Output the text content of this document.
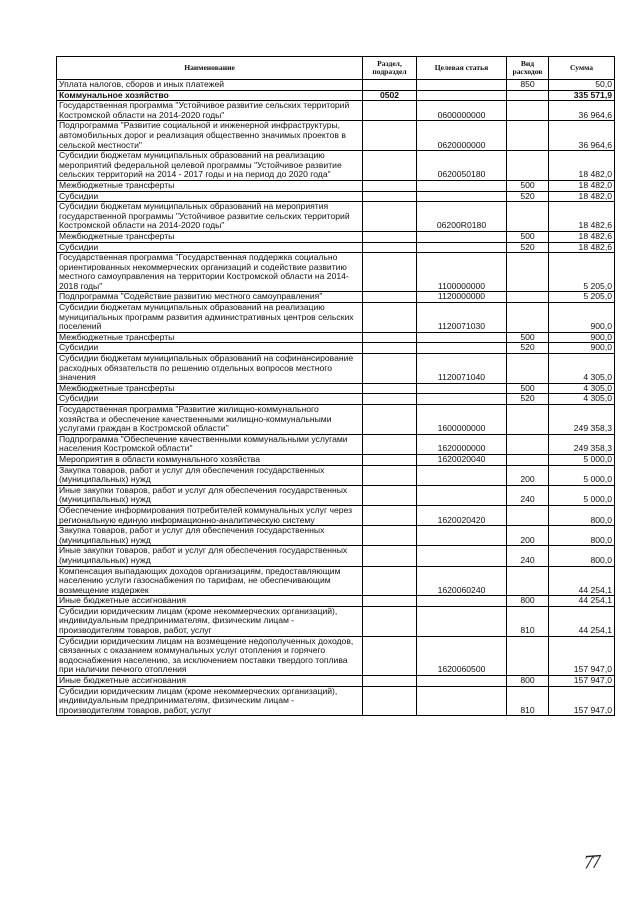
Наименование	Раздел, подраздел	Целевая статья	Вид расходов	Сумма
Уплата налогов, сборов и иных платежей			850	50,0
Коммунальное хозяйство	0502			335 571,9
Государственная программа "Устойчивое развитие сельских территорий Костромской области на 2014-2020 годы"		0600000000		36 964,6
Подпрограмма "Развитие социальной и инженерной инфраструктуры, автомобильных дорог и реализация общественно значимых проектов в сельской местности"		0620000000		36 964,6
Субсидии бюджетам муниципальных образований на реализацию мероприятий федеральной целевой программы "Устойчивое развитие сельских территорий на 2014 - 2017 годы и на период до 2020 года"		0620050180		18 482,0
Межбюджетные трансферты			500	18 482,0
Субсидии			520	18 482,0
Субсидии бюджетам муниципальных образований на мероприятия государственной программы "Устойчивое развитие сельских территорий Костромской области на 2014-2020 годы"		06200R0180		18 482,6
Межбюджетные трансферты			500	18 482,6
Субсидии			520	18 482,6
Государственная программа "Государственная поддержка социально ориентированных некоммерческих организаций и содействие развитию местного самоуправления на территории Костромской области на 2014-2018 годы"		1100000000		5 205,0
Подпрограмма "Содействие развитию местного самоуправления"		1120000000		5 205,0
Субсидии бюджетам муниципальных образований на реализацию муниципальных программ развития административных центров сельских поселений		1120071030		900,0
Межбюджетные трансферты			500	900,0
Субсидии			520	900,0
Субсидии бюджетам муниципальных образований на софинансирование расходных обязательств по решению отдельных вопросов местного значения		1120071040		4 305,0
Межбюджетные трансферты			500	4 305,0
Субсидии			520	4 305,0
Государственная программа "Развитие жилищно-коммунального хозяйства и обеспечение качественными жилищно-коммунальными услугами граждан в Костромской области"		1600000000		249 358,3
Подпрограмма "Обеспечение качественными коммунальными услугами населения Костромской области"		1620000000		249 358,3
Мероприятия в области коммунального хозяйства		1620020040		5 000,0
Закупка товаров, работ и услуг для обеспечения государственных (муниципальных) нужд			200	5 000,0
Иные закупки товаров, работ и услуг для обеспечения государственных (муниципальных) нужд			240	5 000,0
Обеспечение информирования потребителей коммунальных услуг через региональную единую информационно-аналитическую систему		1620020420		800,0
Закупка товаров, работ и услуг для обеспечения государственных (муниципальных) нужд			200	800,0
Иные закупки товаров, работ и услуг для обеспечения государственных (муниципальных) нужд			240	800,0
Компенсация выпадающих доходов организациям, предоставляющим населению услуги газоснабжения по тарифам, не обеспечивающим возмещение издержек		1620060240		44 254,1
Иные бюджетные ассигнования			800	44 254,1
Субсидии юридическим лицам (кроме некоммерческих организаций), индивидуальным предпринимателям, физическим лицам - производителям товаров, работ, услуг			810	44 254,1
Субсидии юридическим лицам на возмещение недополученных доходов, связанных с оказанием коммунальных услуг отопления и горячего водоснабжения населению, за исключением поставки твердого топлива при наличии печного отопления		1620060500		157 947,0
Иные бюджетные ассигнования			800	157 947,0
Субсидии юридическим лицам (кроме некоммерческих организаций), индивидуальным предпринимателям, физическим лицам - производителям товаров, работ, услуг			810	157 947,0
77
